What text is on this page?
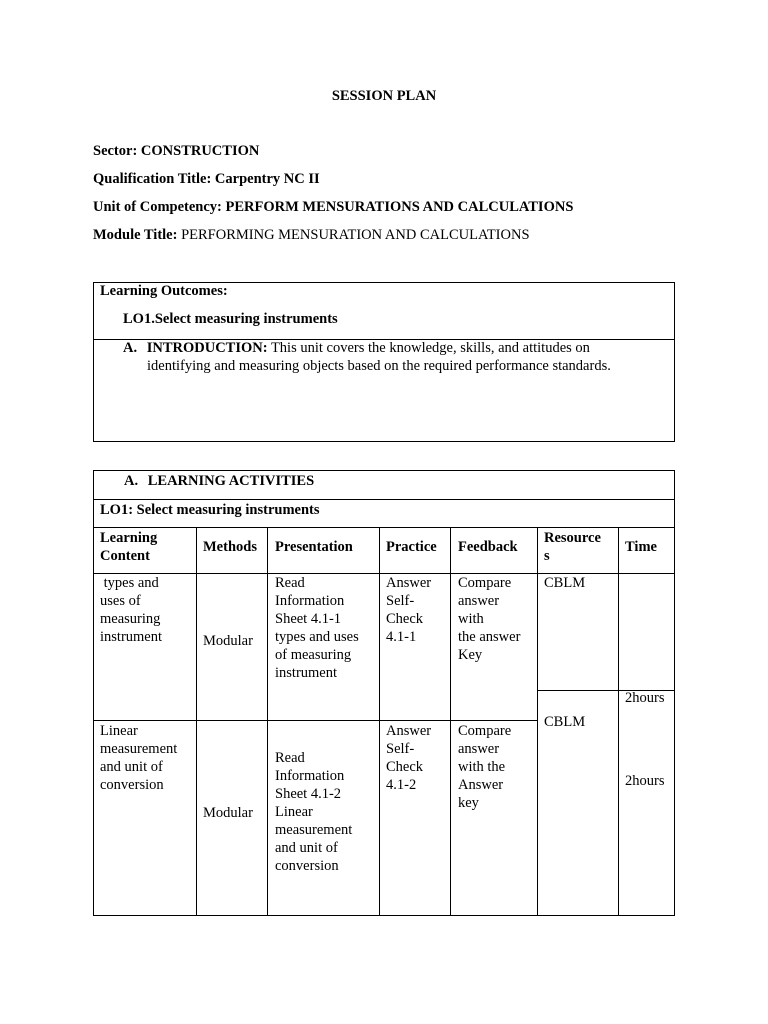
SESSION PLAN
Sector: CONSTRUCTION
Qualification Title: Carpentry NC II
Unit of Competency: PERFORM MENSURATIONS AND CALCULATIONS
Module Title: PERFORMING MENSURATION AND CALCULATIONS
Learning Outcomes:
LO1.Select measuring instruments
A. INTRODUCTION: This unit covers the knowledge, skills, and attitudes on
identifying and measuring objects based on the required performance standards.
A. LEARNING ACTIVITIES
LO1: Select measuring instruments
Learning
Content
Methods Presentation Practice Feedback
Resource
s
Time
types and
uses of
measuring
instrument	Modular
Read
Information
Sheet 4.1-1
types and uses
of measuring
instrument
Answer
Self-
Check
4.1-1
Compare
answer
with
the answer
Key
CBLM
2hours
Linear
measurement
and unit of
conversion
Modular
Read
Information
Sheet 4.1-2
Linear
measurement
and unit of
conversion
Answer
Self-
Check
4.1-2
Compare
answer
with the
Answer
key
CBLM
2hours
